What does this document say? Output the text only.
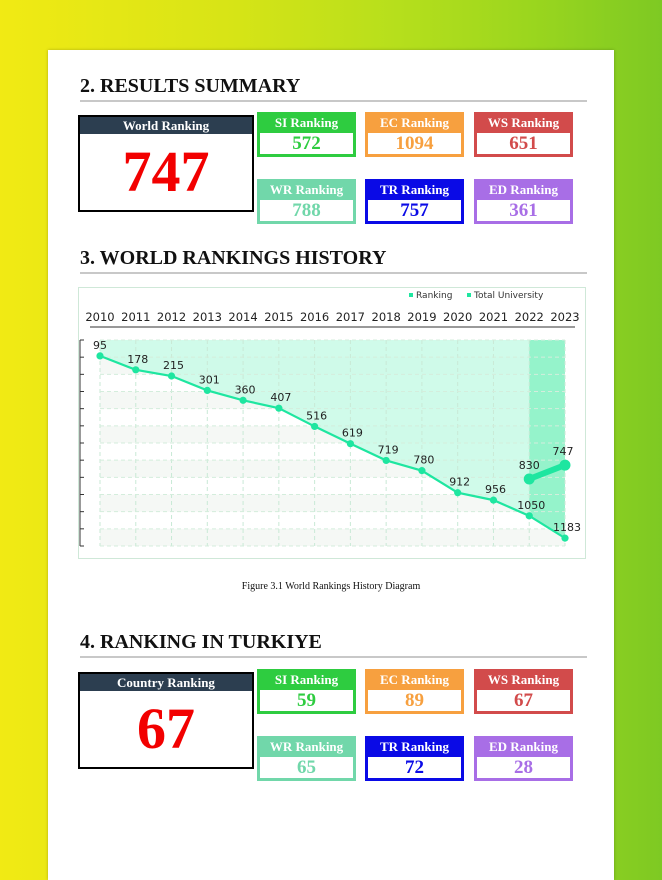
2. RESULTS SUMMARY
World Ranking
747
SI Ranking
572
EC Ranking
1094
WS Ranking
651
WR Ranking
788
TR Ranking
757
ED Ranking
361
3. WORLD RANKINGS HISTORY
2010 2011 2012 2013 2014 2015 2016 2017 2018 2019 2020 2021 2022 2023
Ranking Total University
95
178 215
301
360
407
516
619
719
780
912
956
1050
1183
830
747
Figure 3.1 World Rankings History Diagram
4. RANKING IN TURKIYE
Country Ranking
67
SI Ranking
59
EC Ranking
89
WS Ranking
67
WR Ranking
65
TR Ranking
72
ED Ranking
28
